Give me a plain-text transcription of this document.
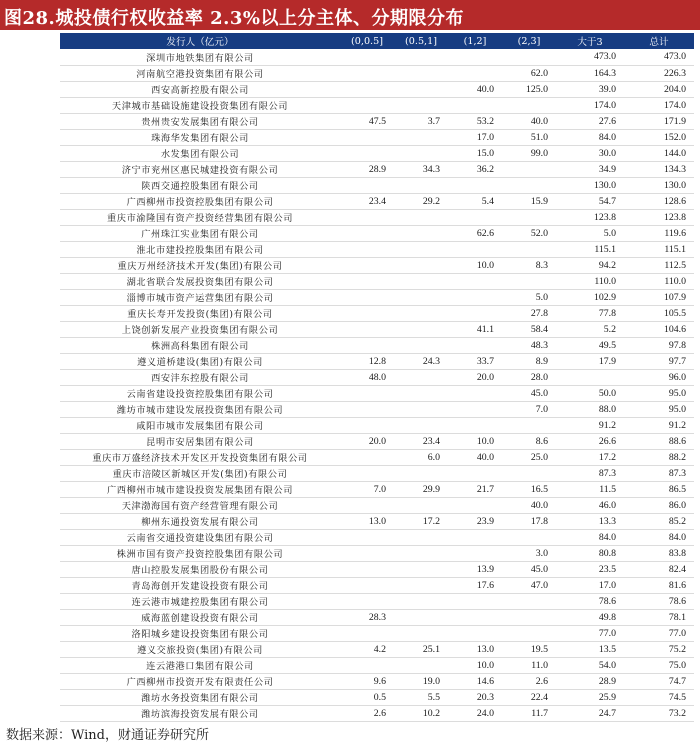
图28.城投债行权收益率 2.3%以上分主体、分期限分布
发行人（亿元）	(0,0.5]	(0.5,1]	(1,2]	(2,3]	大于3	总计
深圳市地铁集团有限公司					473.0	473.0
河南航空港投资集团有限公司				62.0	164.3	226.3
西安高新控股有限公司			40.0	125.0	39.0	204.0
天津城市基础设施建设投资集团有限公司					174.0	174.0
贵州贵安发展集团有限公司	47.5	3.7	53.2	40.0	27.6	171.9
珠海华发集团有限公司			17.0	51.0	84.0	152.0
水发集团有限公司			15.0	99.0	30.0	144.0
济宁市兖州区惠民城建投资有限公司	28.9	34.3	36.2		34.9	134.3
陕西交通控股集团有限公司					130.0	130.0
广西柳州市投资控股集团有限公司	23.4	29.2	5.4	15.9	54.7	128.6
重庆市渝隆国有资产投资经营集团有限公司					123.8	123.8
广州珠江实业集团有限公司			62.6	52.0	5.0	119.6
淮北市建投控股集团有限公司					115.1	115.1
重庆万州经济技术开发(集团)有限公司			10.0	8.3	94.2	112.5
湖北省联合发展投资集团有限公司					110.0	110.0
淄博市城市资产运营集团有限公司				5.0	102.9	107.9
重庆长寿开发投资(集团)有限公司				27.8	77.8	105.5
上饶创新发展产业投资集团有限公司			41.1	58.4	5.2	104.6
株洲高科集团有限公司				48.3	49.5	97.8
遵义道桥建设(集团)有限公司	12.8	24.3	33.7	8.9	17.9	97.7
西安沣东控股有限公司	48.0		20.0	28.0		96.0
云南省建设投资控股集团有限公司				45.0	50.0	95.0
潍坊市城市建设发展投资集团有限公司				7.0	88.0	95.0
咸阳市城市发展集团有限公司					91.2	91.2
昆明市安居集团有限公司	20.0	23.4	10.0	8.6	26.6	88.6
重庆市万盛经济技术开发区开发投资集团有限公司		6.0	40.0	25.0	17.2	88.2
重庆市涪陵区新城区开发(集团)有限公司					87.3	87.3
广西柳州市城市建设投资发展集团有限公司	7.0	29.9	21.7	16.5	11.5	86.5
天津渤海国有资产经营管理有限公司				40.0	46.0	86.0
柳州东通投资发展有限公司	13.0	17.2	23.9	17.8	13.3	85.2
云南省交通投资建设集团有限公司					84.0	84.0
株洲市国有资产投资控股集团有限公司				3.0	80.8	83.8
唐山控股发展集团股份有限公司			13.9	45.0	23.5	82.4
青岛海创开发建设投资有限公司			17.6	47.0	17.0	81.6
连云港市城建控股集团有限公司					78.6	78.6
威海蓝创建设投资有限公司	28.3				49.8	78.1
洛阳城乡建设投资集团有限公司					77.0	77.0
遵义交旅投资(集团)有限公司	4.2	25.1	13.0	19.5	13.5	75.2
连云港港口集团有限公司			10.0	11.0	54.0	75.0
广西柳州市投资开发有限责任公司	9.6	19.0	14.6	2.6	28.9	74.7
潍坊水务投资集团有限公司	0.5	5.5	20.3	22.4	25.9	74.5
潍坊滨海投资发展有限公司	2.6	10.2	24.0	11.7	24.7	73.2
数据来源：Wind，财通证券研究所
